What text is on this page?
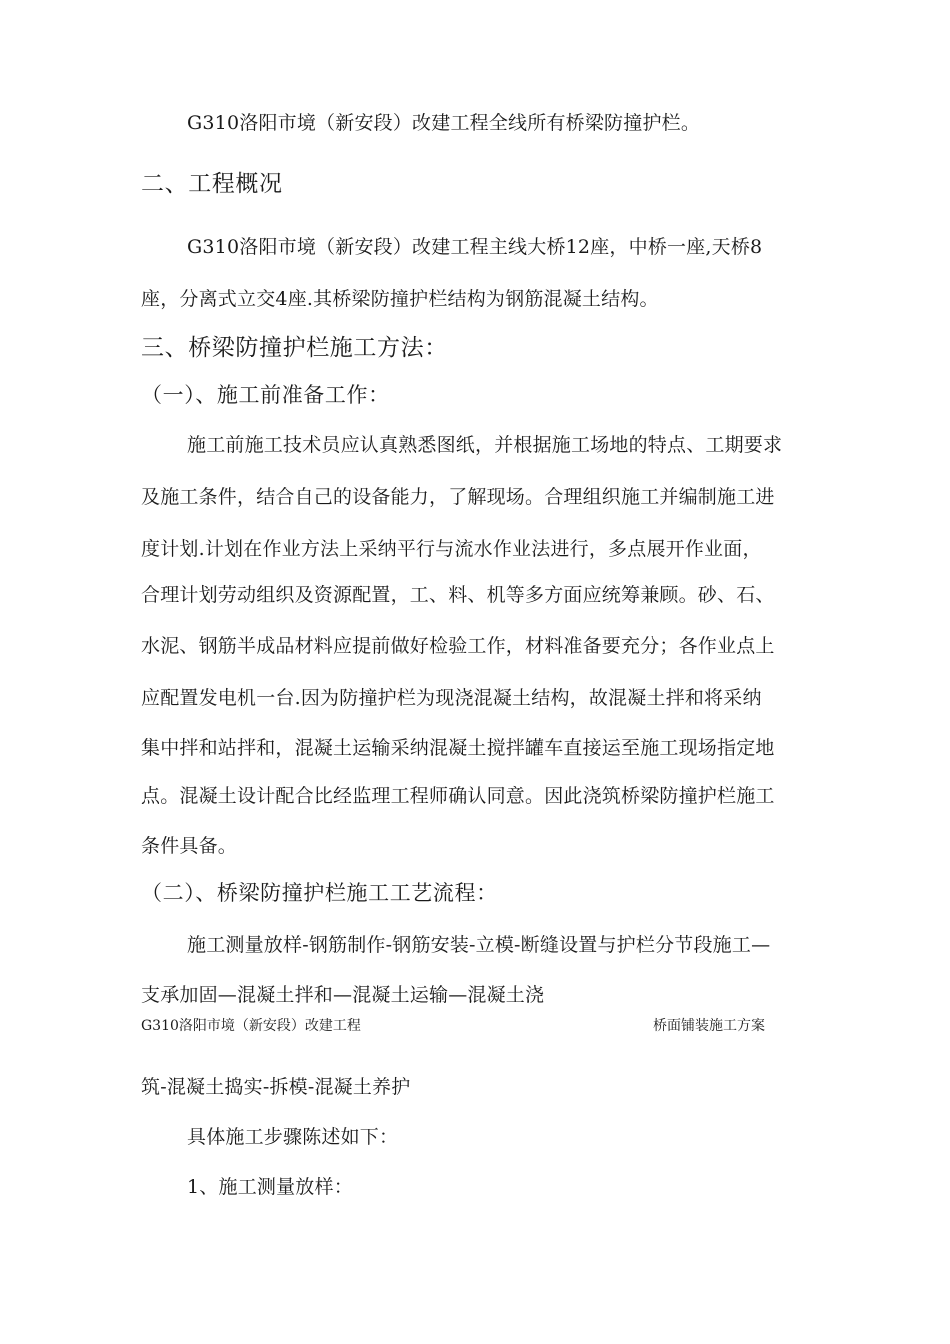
G310洛阳市境（新安段）改建工程全线所有桥梁防撞护栏。
二、工程概况
G310洛阳市境（新安段）改建工程主线大桥12座，中桥一座,天桥8
座，分离式立交4座.其桥梁防撞护栏结构为钢筋混凝土结构。
三、桥梁防撞护栏施工方法：
（一）、施工前准备工作：
施工前施工技术员应认真熟悉图纸，并根据施工场地的特点、工期要求
及施工条件，结合自己的设备能力，了解现场。合理组织施工并编制施工进
度计划.计划在作业方法上采纳平行与流水作业法进行，多点展开作业面，
合理计划劳动组织及资源配置，工、料、机等多方面应统筹兼顾。砂、石、
水泥、钢筋半成品材料应提前做好检验工作，材料准备要充分；各作业点上
应配置发电机一台.因为防撞护栏为现浇混凝土结构，故混凝土拌和将采纳
集中拌和站拌和，混凝土运输采纳混凝土搅拌罐车直接运至施工现场指定地
点。混凝土设计配合比经监理工程师确认同意。因此浇筑桥梁防撞护栏施工
条件具备。
（二）、桥梁防撞护栏施工工艺流程：
施工测量放样-钢筋制作-钢筋安装-立模-断缝设置与护栏分节段施工—
支承加固—混凝土拌和—混凝土运输—混凝土浇
G310洛阳市境（新安段）改建工程	桥面铺装施工方案
筑-混凝土捣实-拆模-混凝土养护
具体施工步骤陈述如下：
1、施工测量放样：
